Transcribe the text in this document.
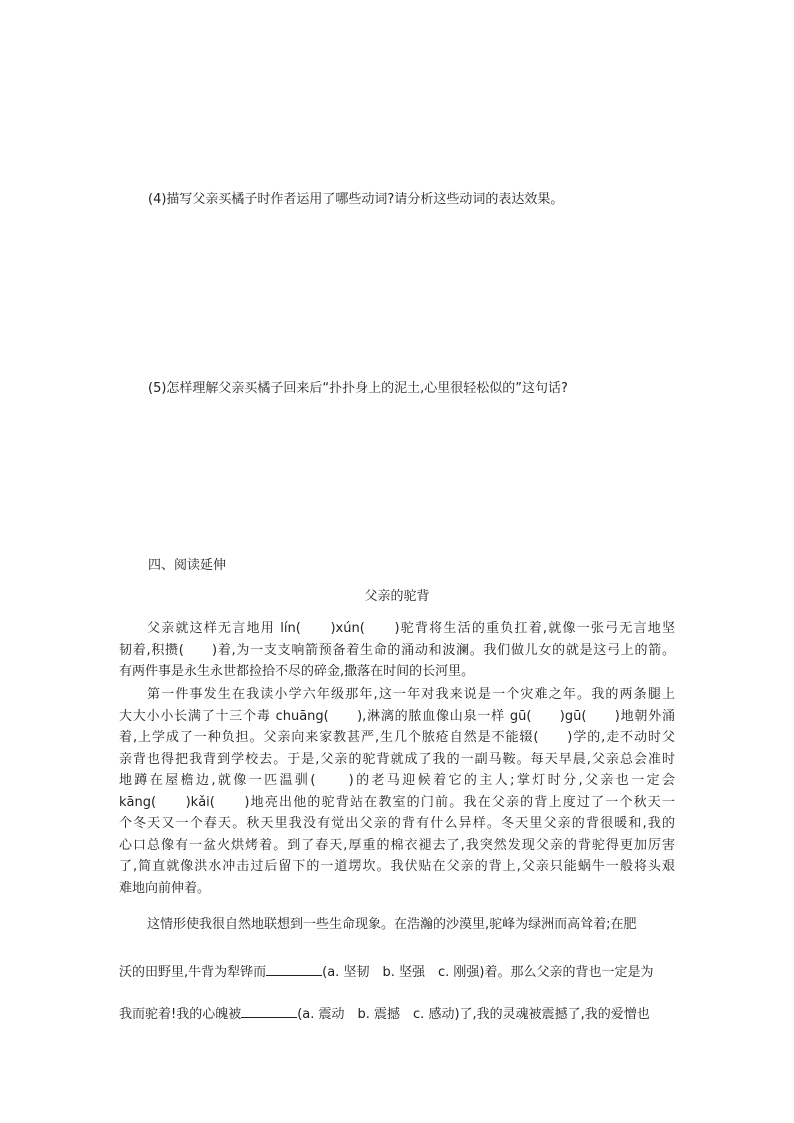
(4)描写父亲买橘子时作者运用了哪些动词?请分析这些动词的表达效果。
(5)怎样理解父亲买橘子回来后“扑扑身上的泥土,心里很轻松似的”这句话?
四、阅读延伸
父亲的驼背
父亲就这样无言地用 lín(　　)xún(　　)驼背将生活的重负扛着,就像一张弓无言地坚
韧着,积攒(　　)着,为一支支响箭预备着生命的涌动和波澜。我们做儿女的就是这弓上的箭。
有两件事是永生永世都捡拾不尽的碎金,撒落在时间的长河里。
第一件事发生在我读小学六年级那年,这一年对我来说是一个灾难之年。我的两条腿上
大大小小长满了十三个毒 chuāng(　　),淋漓的脓血像山泉一样 gū(　　)gū(　　)地朝外涌
着,上学成了一种负担。父亲向来家教甚严,生几个脓疮自然是不能辍(　　)学的,走不动时父
亲背也得把我背到学校去。于是,父亲的驼背就成了我的一副马鞍。每天早晨,父亲总会准时
地蹲在屋檐边,就像一匹温驯(　　)的老马迎候着它的主人;掌灯时分,父亲也一定会
kāng(　　)kǎi(　　)地亮出他的驼背站在教室的门前。我在父亲的背上度过了一个秋天一
个冬天又一个春天。秋天里我没有觉出父亲的背有什么异样。冬天里父亲的背很暖和,我的
心口总像有一盆火烘烤着。到了春天,厚重的棉衣褪去了,我突然发现父亲的背驼得更加厉害
了,简直就像洪水冲击过后留下的一道塄坎。我伏贴在父亲的背上,父亲只能蜗牛一般将头艰
难地向前伸着。
这情形使我很自然地联想到一些生命现象。在浩瀚的沙漠里,驼峰为绿洲而高耸着;在肥
沃的田野里,牛背为犁铧而	(a. 坚韧　b. 坚强　c. 刚强)着。那么父亲的背也一定是为
我而驼着!我的心魄被	(a. 震动　b. 震撼　c. 感动)了,我的灵魂被震撼了,我的爱憎也
